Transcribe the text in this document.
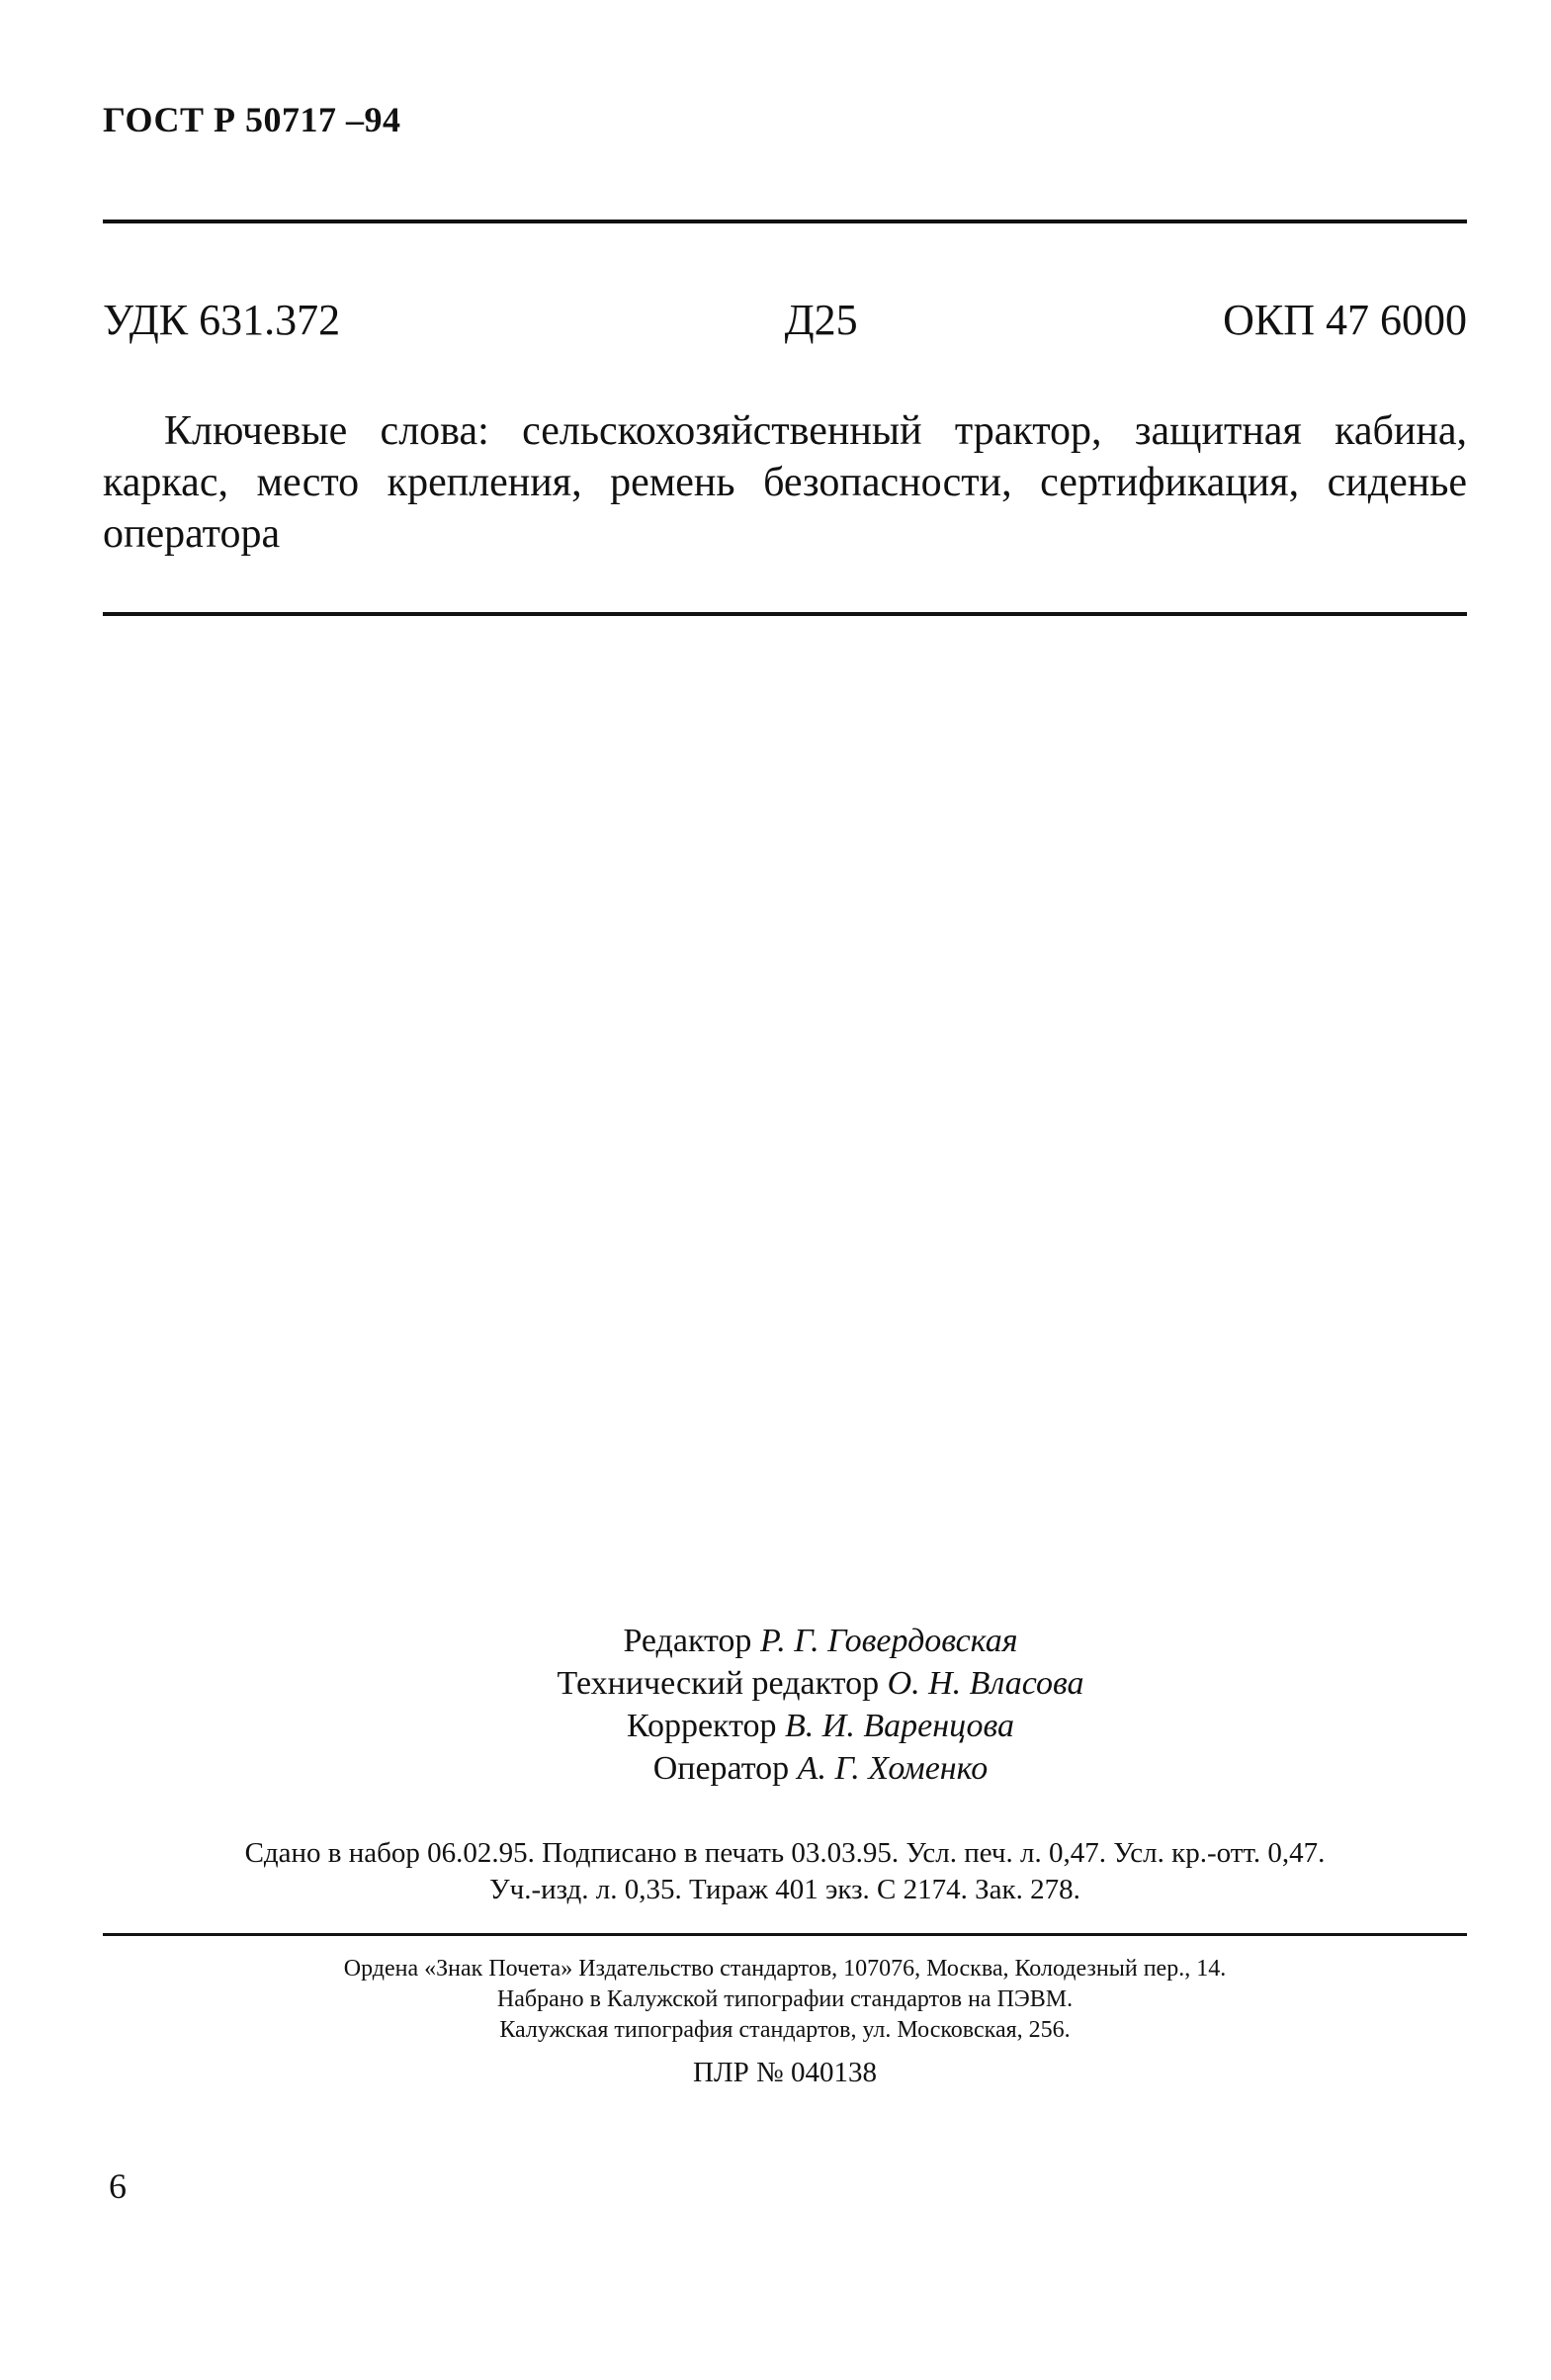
ГОСТ Р 50717 –94
УДК 631.372	Д25	ОКП 47 6000
Ключевые слова: сельскохозяйственный трактор, защитная кабина, каркас, место крепления, ремень безопасности, сертификация, сиденье оператора
Редактор Р. Г. Говердовская
Технический редактор О. Н. Власова
Корректор В. И. Варенцова
Оператор А. Г. Хоменко
Сдано в набор 06.02.95. Подписано в печать 03.03.95. Усл. печ. л. 0,47. Усл. кр.-отт. 0,47.
Уч.-изд. л. 0,35. Тираж 401 экз. С 2174. Зак. 278.
Ордена «Знак Почета» Издательство стандартов, 107076, Москва, Колодезный пер., 14.
Набрано в Калужской типографии стандартов на ПЭВМ.
Калужская типография стандартов, ул. Московская, 256.
ПЛР № 040138
6
